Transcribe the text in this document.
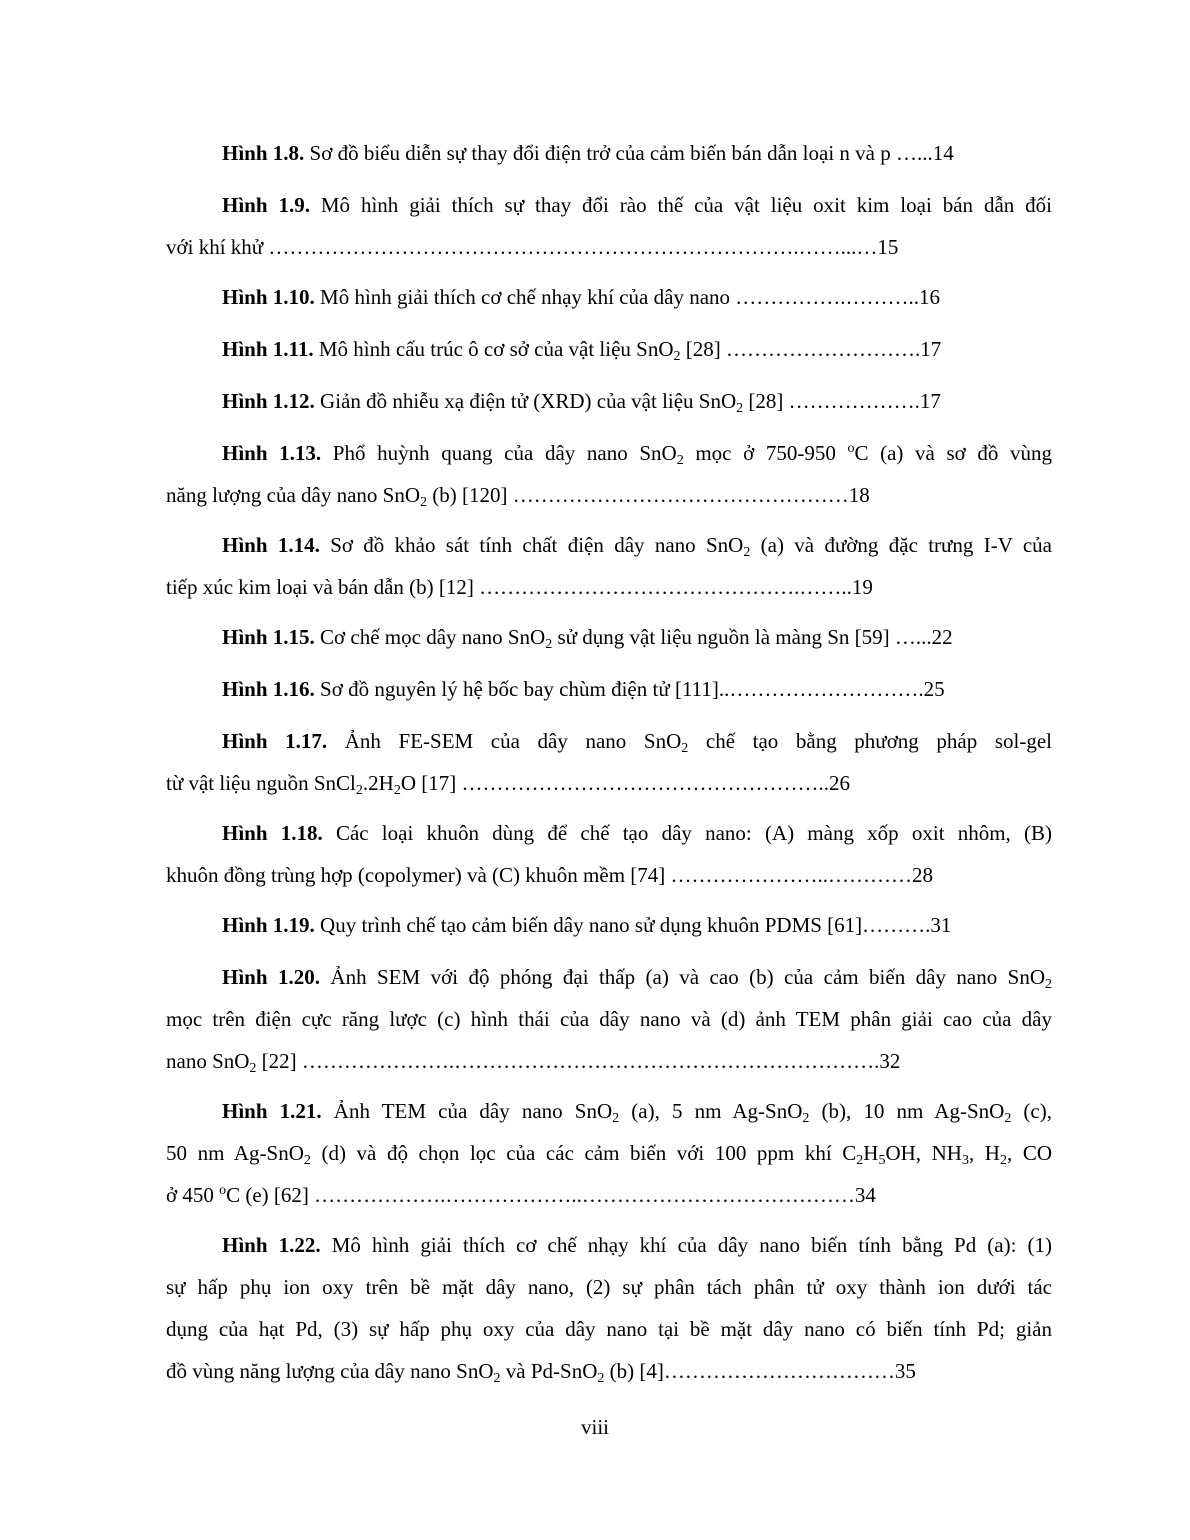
Hình 1.8. Sơ đồ biểu diễn sự thay đổi điện trở của cảm biến bán dẫn loại n và p …...14
Hình 1.9. Mô hình giải thích sự thay đổi rào thế của vật liệu oxit kim loại bán dẫn đối
với khí khử ………………………………………………………………….……...…15
Hình 1.10. Mô hình giải thích cơ chế nhạy khí của dây nano …………….………..16
Hình 1.11. Mô hình cấu trúc ô cơ sở của vật liệu SnO$_2$ [28] ……………………….17
Hình 1.12. Giản đồ nhiễu xạ điện tử (XRD) của vật liệu SnO$_2$ [28] ……………….17
Hình 1.13. Phổ huỳnh quang của dây nano SnO$_2$ mọc ở 750-950 $^o$C (a) và sơ đồ vùng
năng lượng của dây nano SnO$_2$ (b) [120] …………………………………………18
Hình 1.14. Sơ đồ khảo sát tính chất điện dây nano SnO$_2$ (a) và đường đặc trưng I-V của
tiếp xúc kim loại và bán dẫn (b) [12] ……………………………………….……..19
Hình 1.15. Cơ chế mọc dây nano SnO$_2$ sử dụng vật liệu nguồn là màng Sn [59] …...22
Hình 1.16. Sơ đồ nguyên lý hệ bốc bay chùm điện tử [111]..……………………….25
Hình 1.17. Ảnh FE-SEM của dây nano SnO$_2$ chế tạo bằng phương pháp sol-gel
từ vật liệu nguồn $SnCl_2.2H_2O$ [17] ……………………………………………..26
Hình 1.18. Các loại khuôn dùng để chế tạo dây nano: (A) màng xốp oxit nhôm, (B)
khuôn đồng trùng hợp (copolymer) và (C) khuôn mềm [74] …………………..…………28
Hình 1.19. Quy trình chế tạo cảm biến dây nano sử dụng khuôn PDMS [61]……….31
Hình 1.20. Ảnh SEM với độ phóng đại thấp (a) và cao (b) của cảm biến dây nano SnO$_2$
mọc trên điện cực răng lược (c) hình thái của dây nano và (d) ảnh TEM phân giải cao của dây
nano SnO$_2$ [22] ………………….…………………………………………………….32
Hình 1.21. Ảnh TEM của dây nano SnO$_2$ (a), 5 nm Ag-SnO$_2$ (b), 10 nm Ag-SnO$_2$ (c),
50 nm Ag-SnO$_2$ (d) và độ chọn lọc của các cảm biến với 100 ppm khí $C_2H_5OH$, $NH_3$, $H_2$, CO
ở 450 $^o$C (e) [62] ……………….………………..…………………………………34
Hình 1.22. Mô hình giải thích cơ chế nhạy khí của dây nano biến tính bằng Pd (a): (1)
sự hấp phụ ion oxy trên bề mặt dây nano, (2) sự phân tách phân tử oxy thành ion dưới tác
dụng của hạt Pd, (3) sự hấp phụ oxy của dây nano tại bề mặt dây nano có biến tính Pd; giản
đồ vùng năng lượng của dây nano SnO$_2$ và Pd-SnO$_2$ (b) [4]……………………………35
viii
